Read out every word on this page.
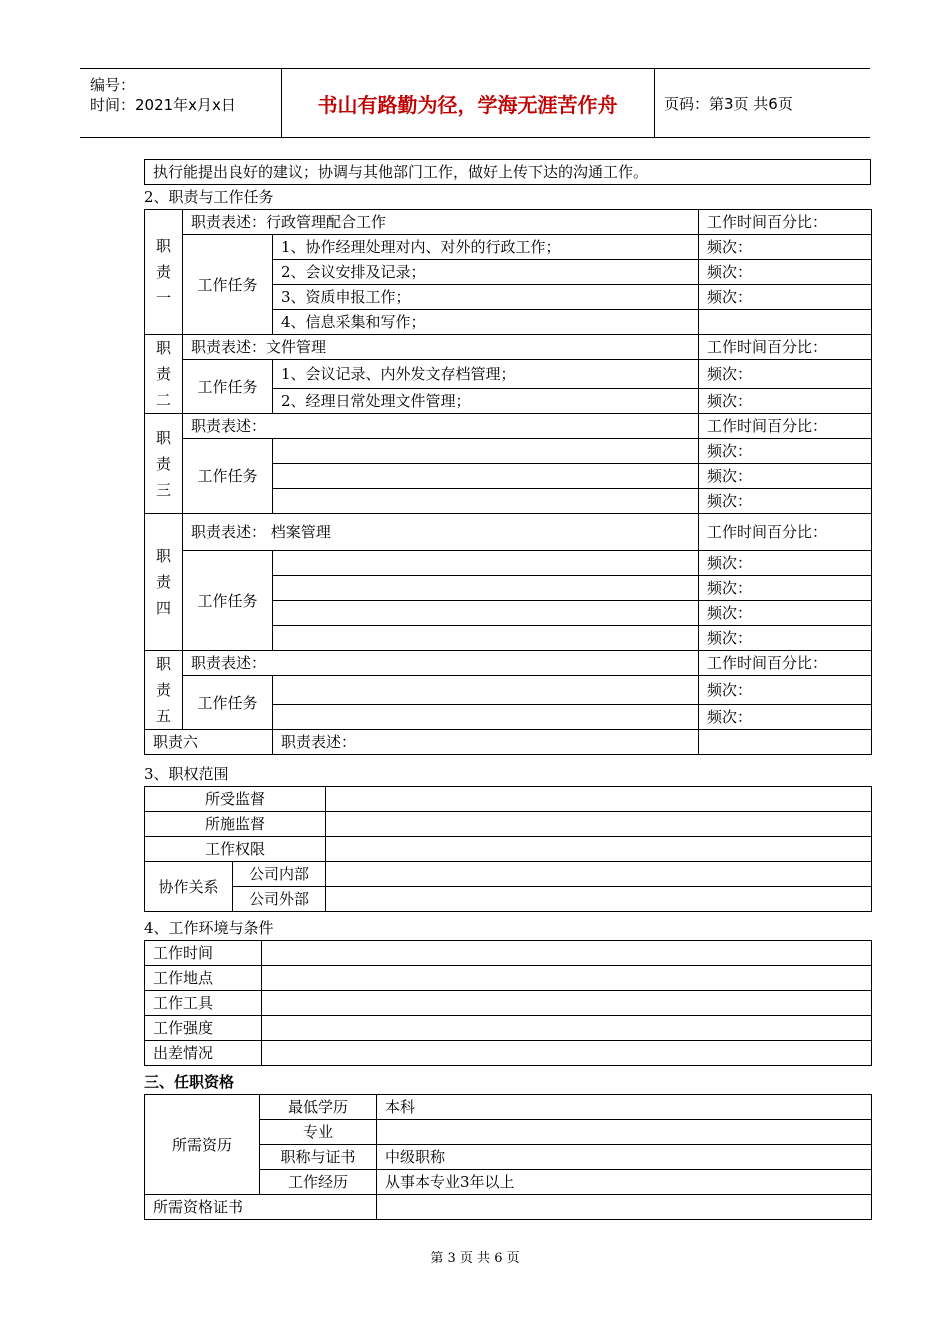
编号：
时间：2021年x月x日	书山有路勤为径，学海无涯苦作舟	页码：第3页 共6页
执行能提出良好的建议；协调与其他部门工作，做好上传下达的沟通工作。
2、职责与工作任务
职责一	职责表述：行政管理配合工作		工作时间百分比：
	工作任务	1、协作经理处理对内、对外的行政工作；	频次：
		2、会议安排及记录；	频次：
		3、资质申报工作；	频次：
		4、信息采集和写作；	
职责二	职责表述：文件管理		工作时间百分比：
	工作任务	1、会议记录、内外发文存档管理；	频次：
		2、经理日常处理文件管理；	频次：
职责三	职责表述：		工作时间百分比：
	工作任务		频次：
			频次：
			频次：
职责四	职责表述： 档案管理		工作时间百分比：
	工作任务		频次：
			频次：
			频次：
			频次：
职责五	职责表述：		工作时间百分比：
	工作任务		频次：
			频次：
职责六		职责表述：	
3、职权范围
所受监督		
所施监督		
工作权限		
协作关系	公司内部	
	公司外部	
4、工作环境与条件
工作时间	
工作地点	
工作工具	
工作强度	
出差情况	
三、任职资格
所需资历	最低学历	本科
	专业	
	职称与证书	中级职称
	工作经历	从事本专业3年以上
所需资格证书		
第 3 页 共 6 页
